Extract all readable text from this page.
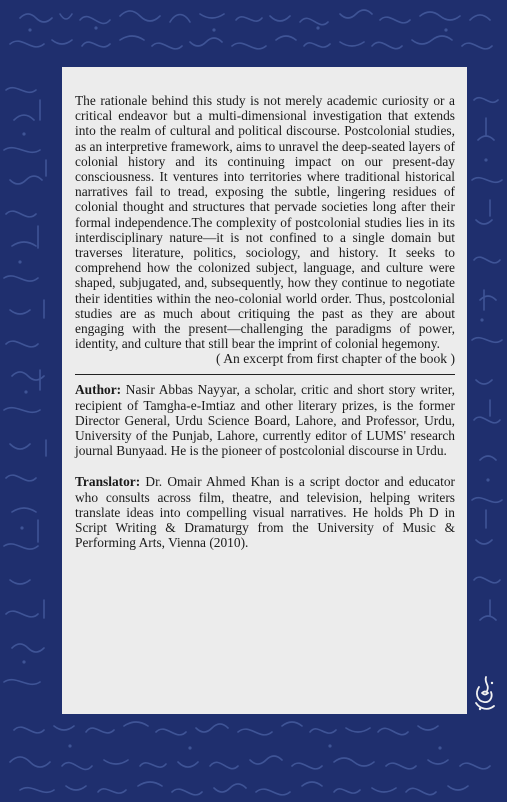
The rationale behind this study is not merely academic curiosity or a critical endeavor but a multi-dimensional investigation that extends into the realm of cultural and political discourse. Postcolonial studies, as an interpretive framework, aims to unravel the deep-seated layers of colonial history and its continuing impact on our present-day consciousness. It ventures into territories where traditional historical narratives fail to tread, exposing the subtle, lingering residues of colonial thought and structures that pervade societies long after their formal independence.The complexity of postcolonial studies lies in its interdisciplinary nature—it is not confined to a single domain but traverses literature, politics, sociology, and history. It seeks to comprehend how the colonized subject, language, and culture were shaped, subjugated, and, subsequently, how they continue to negotiate their identities within the neo-colonial world order. Thus, postcolonial studies are as much about critiquing the past as they are about engaging with the present—challenging the paradigms of power, identity, and culture that still bear the imprint of colonial hegemony.

( An excerpt from first chapter of the book )

Author: Nasir Abbas Nayyar, a scholar, critic and short story writer, recipient of Tamgha-e-Imtiaz and other literary prizes, is the former Director General, Urdu Science Board, Lahore, and Professor, Urdu, University of the Punjab, Lahore, currently editor of LUMS' research journal Bunyaad. He is the pioneer of postcolonial discourse in Urdu.

Translator: Dr. Omair Ahmed Khan is a script doctor and educator who consults across film, theatre, and television, helping writers translate ideas into compelling visual narratives. He holds Ph D in Script Writing & Dramaturgy from the University of Music & Performing Arts, Vienna (2010).
